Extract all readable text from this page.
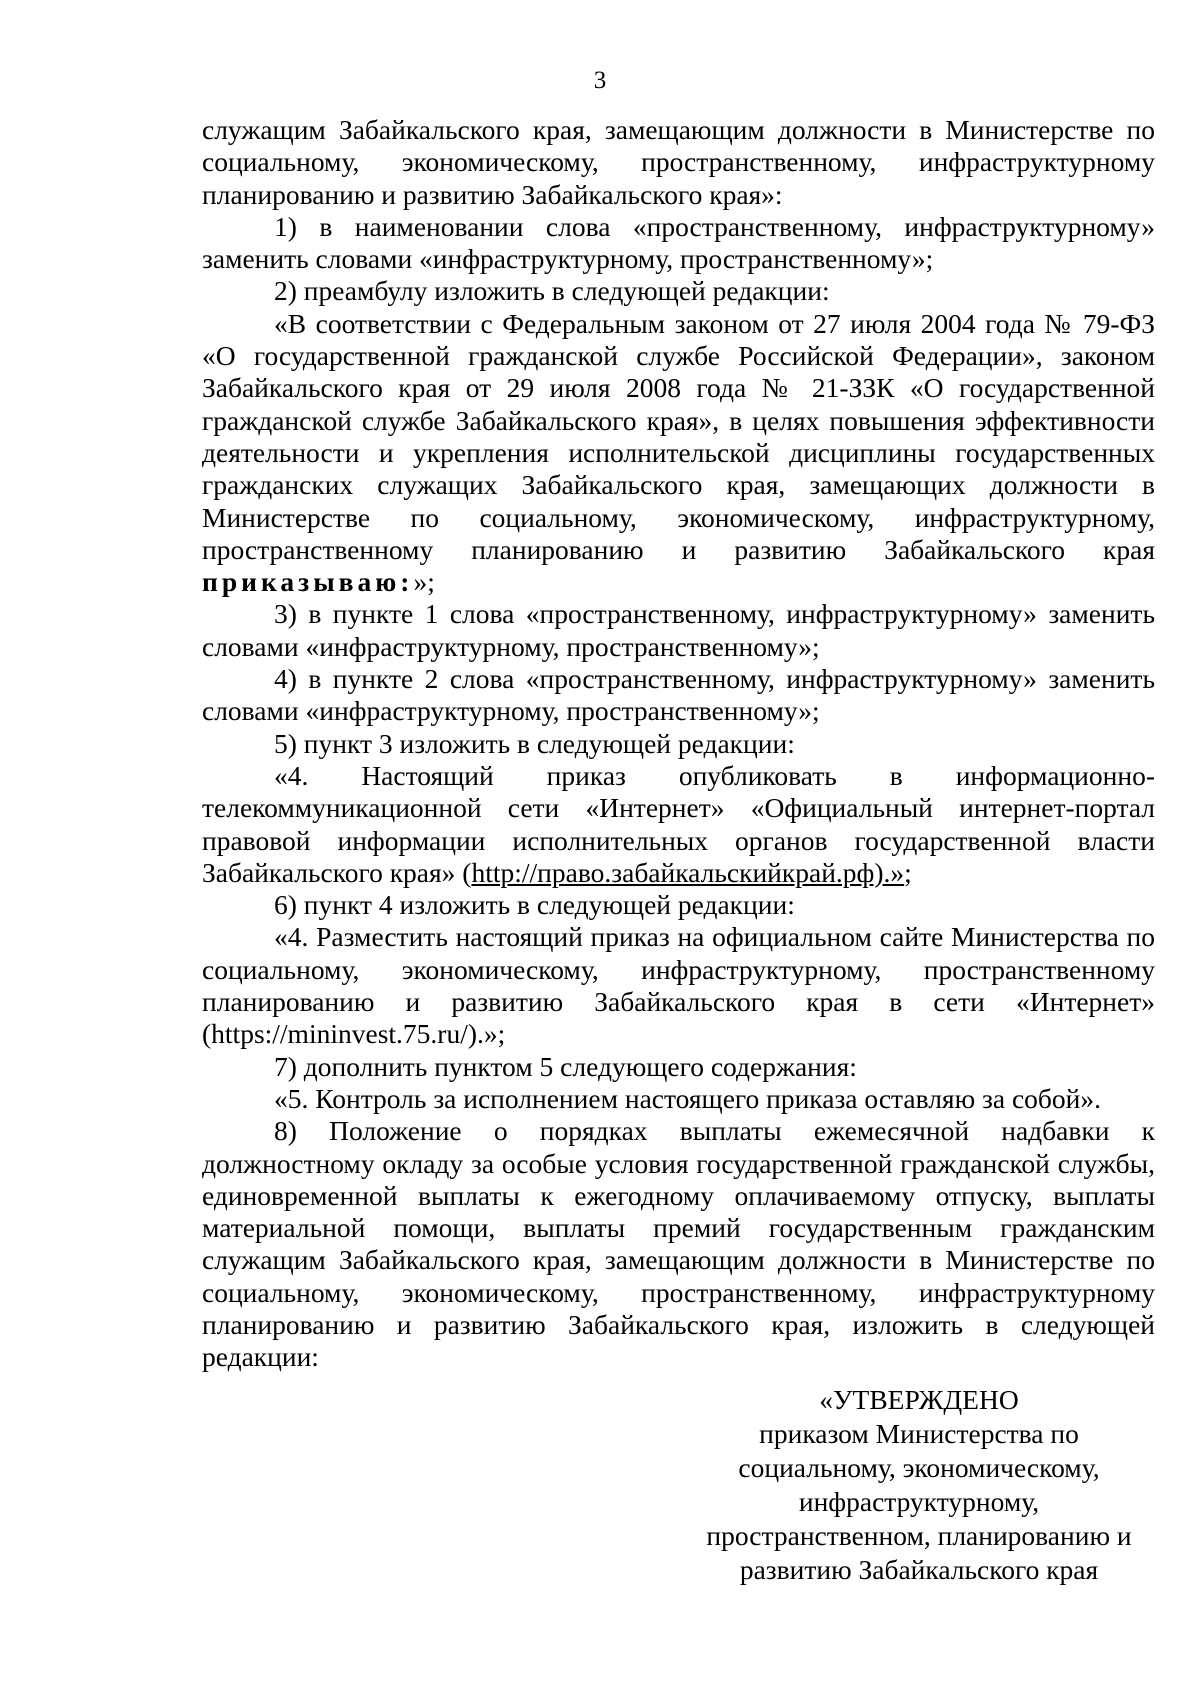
3

служащим Забайкальского края, замещающим должности в Министерстве по социальному, экономическому, пространственному, инфраструктурному планированию и развитию Забайкальского края»:

1) в наименовании слова «пространственному, инфраструктурному» заменить словами «инфраструктурному, пространственному»;

2) преамбулу изложить в следующей редакции:

«В соответствии с Федеральным законом от 27 июля 2004 года № 79-ФЗ «О государственной гражданской службе Российской Федерации», законом Забайкальского края от 29 июля 2008 года № 21-ЗЗК «О государственной гражданской службе Забайкальского края», в целях повышения эффективности деятельности и укрепления исполнительской дисциплины государственных гражданских служащих Забайкальского края, замещающих должности в Министерстве по социальному, экономическому, инфраструктурному, пространственному планированию и развитию Забайкальского края приказываю:»;

3) в пункте 1 слова «пространственному, инфраструктурному» заменить словами «инфраструктурному, пространственному»;

4) в пункте 2 слова «пространственному, инфраструктурному» заменить словами «инфраструктурному, пространственному»;

5) пункт 3 изложить в следующей редакции:

«4. Настоящий приказ опубликовать в информационно-телекоммуникационной сети «Интернет» «Официальный интернет-портал правовой информации исполнительных органов государственной власти Забайкальского края» (http://право.забайкальскийкрай.рф).»;

6) пункт 4 изложить в следующей редакции:

«4. Разместить настоящий приказ на официальном сайте Министерства по социальному, экономическому, инфраструктурному, пространственному планированию и развитию Забайкальского края в сети «Интернет» (https://mininvest.75.ru/).»;

7) дополнить пунктом 5 следующего содержания:

«5. Контроль за исполнением настоящего приказа оставляю за собой».

8) Положение о порядках выплаты ежемесячной надбавки к должностному окладу за особые условия государственной гражданской службы, единовременной выплаты к ежегодному оплачиваемому отпуску, выплаты материальной помощи, выплаты премий государственным гражданским служащим Забайкальского края, замещающим должности в Министерстве по социальному, экономическому, пространственному, инфраструктурному планированию и развитию Забайкальского края, изложить в следующей редакции:

«УТВЕРЖДЕНО
приказом Министерства по
социальному, экономическому,
инфраструктурному,
пространственном, планированию и
развитию Забайкальского края
